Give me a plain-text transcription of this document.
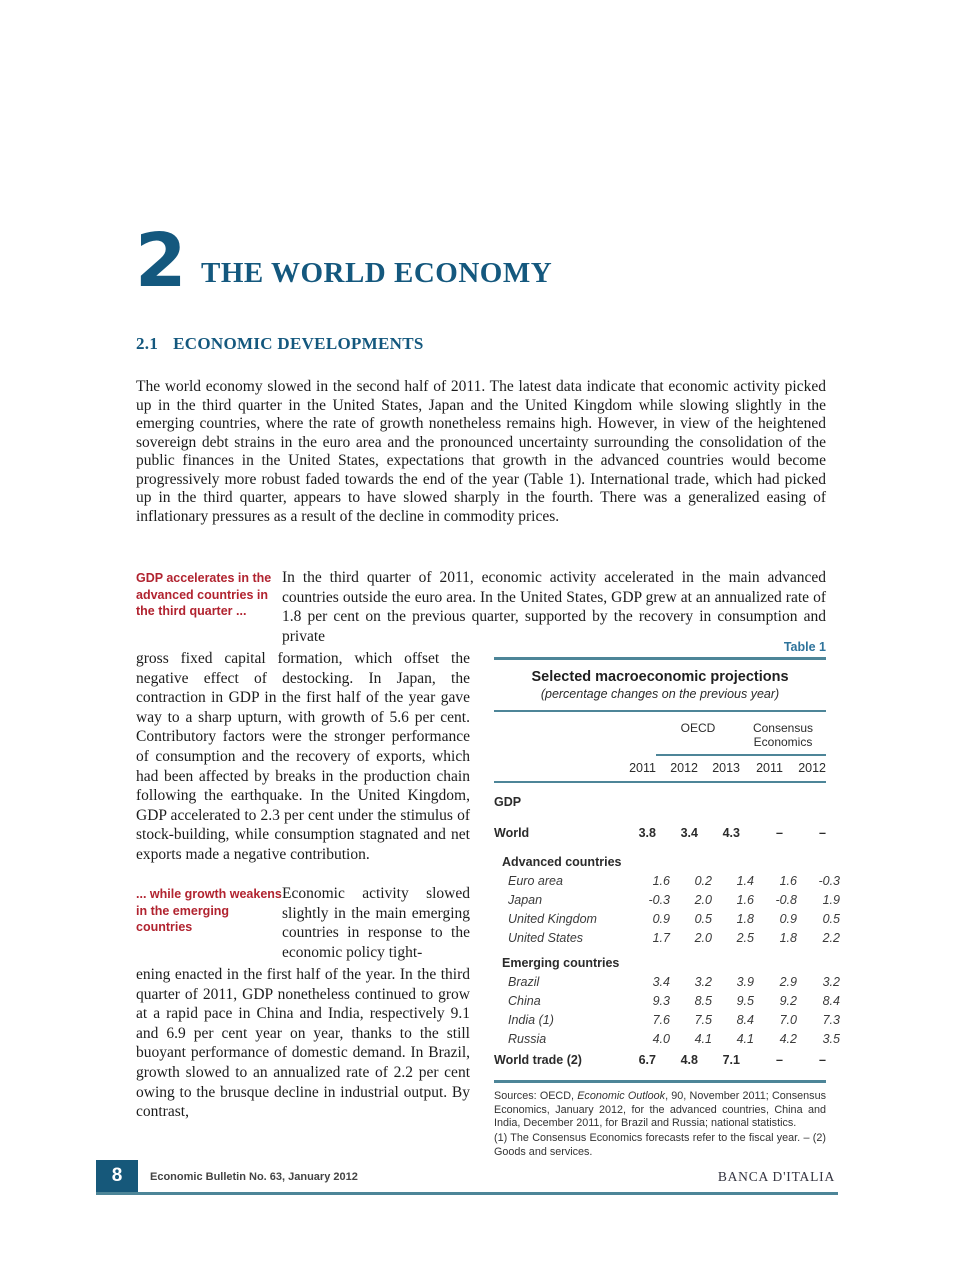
2 THE WORLD ECONOMY
2.1 ECONOMIC DEVELOPMENTS
The world economy slowed in the second half of 2011. The latest data indicate that economic activity picked up in the third quarter in the United States, Japan and the United Kingdom while slowing slightly in the emerging countries, where the rate of growth nonetheless remains high. However, in view of the heightened sovereign debt strains in the euro area and the pronounced uncertainty surrounding the consolidation of the public finances in the United States, expectations that growth in the advanced countries would become progressively more robust faded towards the end of the year (Table 1). International trade, which had picked up in the third quarter, appears to have slowed sharply in the fourth. There was a generalized easing of inflationary pressures as a result of the decline in commodity prices.
GDP accelerates in the advanced countries in the third quarter ...
In the third quarter of 2011, economic activity accelerated in the main advanced countries outside the euro area. In the United States, GDP grew at an annualized rate of 1.8 per cent on the previous quarter, supported by the recovery in consumption and private
gross fixed capital formation, which offset the negative effect of destocking. In Japan, the contraction in GDP in the first half of the year gave way to a sharp upturn, with growth of 5.6 per cent. Contributory factors were the stronger performance of consumption and the recovery of exports, which had been affected by breaks in the production chain following the earthquake. In the United Kingdom, GDP accelerated to 2.3 per cent under the stimulus of stock-building, while consumption stagnated and net exports made a negative contribution.
... while growth weakens in the emerging countries
Economic activity slowed slightly in the main emerging countries in response to the economic policy tight-
ening enacted in the first half of the year. In the third quarter of 2011, GDP nonetheless continued to grow at a rapid pace in China and India, respectively 9.1 and 6.9 per cent year on year, thanks to the still buoyant performance of domestic demand. In Brazil, growth slowed to an annualized rate of 2.2 per cent owing to the brusque decline in industrial output. By contrast,
Table 1
Selected macroeconomic projections
(percentage changes on the previous year)
OECD	Consensus Economics
2011	2012	2013	2011	2012
GDP
World	3.8	3.4	4.3	–	–
Advanced countries
Euro area	1.6	0.2	1.4	1.6	-0.3
Japan	-0.3	2.0	1.6	-0.8	1.9
United Kingdom	0.9	0.5	1.8	0.9	0.5
United States	1.7	2.0	2.5	1.8	2.2
Emerging countries
Brazil	3.4	3.2	3.9	2.9	3.2
China	9.3	8.5	9.5	9.2	8.4
India (1)	7.6	7.5	8.4	7.0	7.3
Russia	4.0	4.1	4.1	4.2	3.5
World trade (2)	6.7	4.8	7.1	–	–
Sources: OECD, Economic Outlook, 90, November 2011; Consensus Economics, January 2012, for the advanced countries, China and India, December 2011, for Brazil and Russia; national statistics.
(1) The Consensus Economics forecasts refer to the fiscal year. – (2) Goods and services.
8	Economic Bulletin No. 63, January 2012	BANCA D'ITALIA
